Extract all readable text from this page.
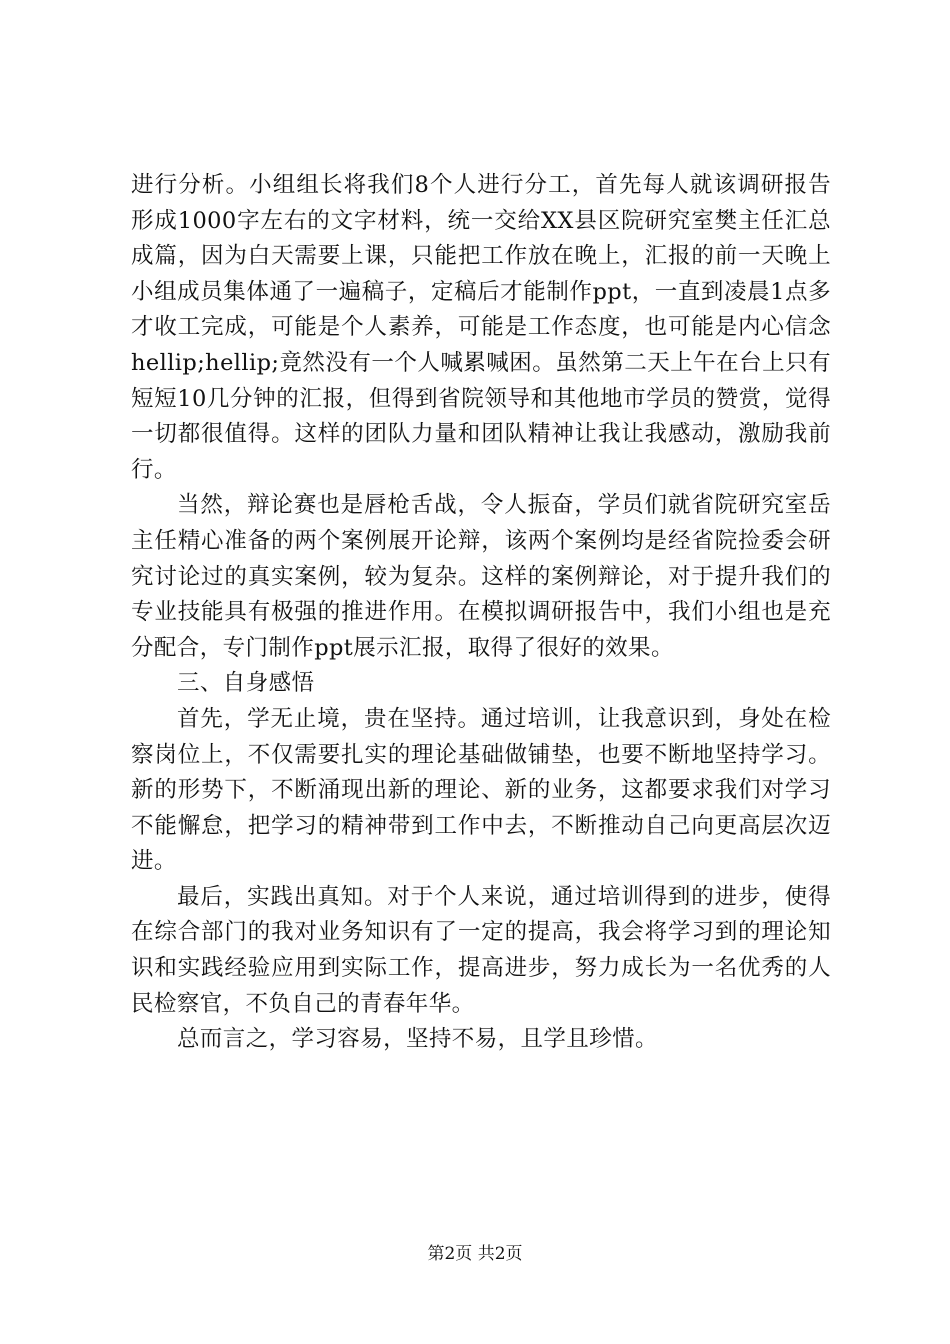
进行分析。小组组长将我们8个人进行分工，首先每人就该调研报告形成1000字左右的文字材料，统一交给XX县区院研究室樊主任汇总成篇，因为白天需要上课，只能把工作放在晚上，汇报的前一天晚上小组成员集体通了一遍稿子，定稿后才能制作ppt，一直到凌晨1点多才收工完成，可能是个人素养，可能是工作态度，也可能是内心信念hellip;hellip;竟然没有一个人喊累喊困。虽然第二天上午在台上只有短短10几分钟的汇报，但得到省院领导和其他地市学员的赞赏，觉得一切都很值得。这样的团队力量和团队精神让我让我感动，激励我前行。

当然，辩论赛也是唇枪舌战，令人振奋，学员们就省院研究室岳主任精心准备的两个案例展开论辩，该两个案例均是经省院捡委会研究讨论过的真实案例，较为复杂。这样的案例辩论，对于提升我们的专业技能具有极强的推进作用。在模拟调研报告中，我们小组也是充分配合，专门制作ppt展示汇报，取得了很好的效果。

三、自身感悟

首先，学无止境，贵在坚持。通过培训，让我意识到，身处在检察岗位上，不仅需要扎实的理论基础做铺垫，也要不断地坚持学习。新的形势下，不断涌现出新的理论、新的业务，这都要求我们对学习不能懈怠，把学习的精神带到工作中去，不断推动自己向更高层次迈进。

最后，实践出真知。对于个人来说，通过培训得到的进步，使得在综合部门的我对业务知识有了一定的提高，我会将学习到的理论知识和实践经验应用到实际工作，提高进步，努力成长为一名优秀的人民检察官，不负自己的青春年华。

总而言之，学习容易，坚持不易，且学且珍惜。

第2页 共2页
